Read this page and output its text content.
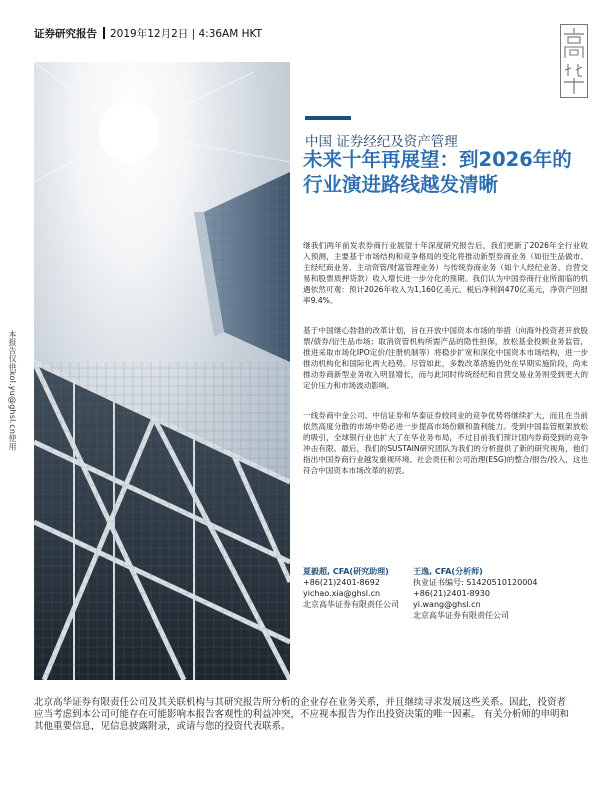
证券研究报告 2019年12月2日 | 4:36AM HKT
本报告仅供kol.yu@ghsl.cn使用
中国 证券经纪及资产管理
未来十年再展望：到2026年的行业演进路线越发清晰
继我们两年前发表券商行业展望十年深度研究报告后，我们更新了2026年全行业收入预测，主要基于市场结构和竞争格局的变化将推动新型券商业务（如衍生品做市、主经纪商业务、主动资管/财富管理业务）与传统券商业务（如个人经纪业务、自营交易和股票质押贷款）收入增长进一步分化的预期。我们认为中国券商行业所面临的机遇依然可观：预计2026年收入为1,160亿美元、税后净利润470亿美元，净资产回报率9.4%。
基于中国继心勃勃的改革计划，旨在开放中国资本市场的举措（向海外投资者开放股票/债券/衍生品市场；取消资管机构所需产品的隐性担保，放松基金投顾业务监管，推进采取市场化IPO定价/注册机制等）将稳步扩宽和深化中国资本市场结构，进一步推动机构化和国际化两大趋势。尽管如此，多数改革措施仍处在早期实施阶段，尚未推动券商新型业务收入明显增长，而与此同时传统经纪和自营交易业务则受到更大的定价压力和市场波动影响。
一线券商中金公司、中信证券和华泰证券较同业的竞争优势将继续扩大，而且在当前依然高度分散的市场中势必进一步提高市场份额和盈利能力。受到中国监管框架放松的吸引，全球银行业也扩大了在华业务布局，不过目前我们预计国内券商受到的竞争冲击有限。最后，我们的SUSTAIN研究团队为我们的分析提供了新的研究视角，他们指出中国券商行业越发重视环境、社会责任和公司治理(ESG)的整合/报告/投入，这也符合中国资本市场改革的初衷。
夏毅超, CFA(研究助理)
+86(21)2401-8692
yichao.xia@ghsl.cn
北京高华证券有限责任公司
王逸, CFA(分析师)
执业证书编号: S1420510120004
+86(21)2401-8930
yi.wang@ghsl.cn
北京高华证券有限责任公司
北京高华证券有限责任公司及其关联机构与其研究报告所分析的企业存在业务关系，并且继续寻求发展这些关系。因此，投资者应当考虑到本公司可能存在可能影响本报告客观性的利益冲突，不应视本报告为作出投资决策的唯一因素。 有关分析师的申明和其他重要信息，见信息披露附录，或请与您的投资代表联系。
